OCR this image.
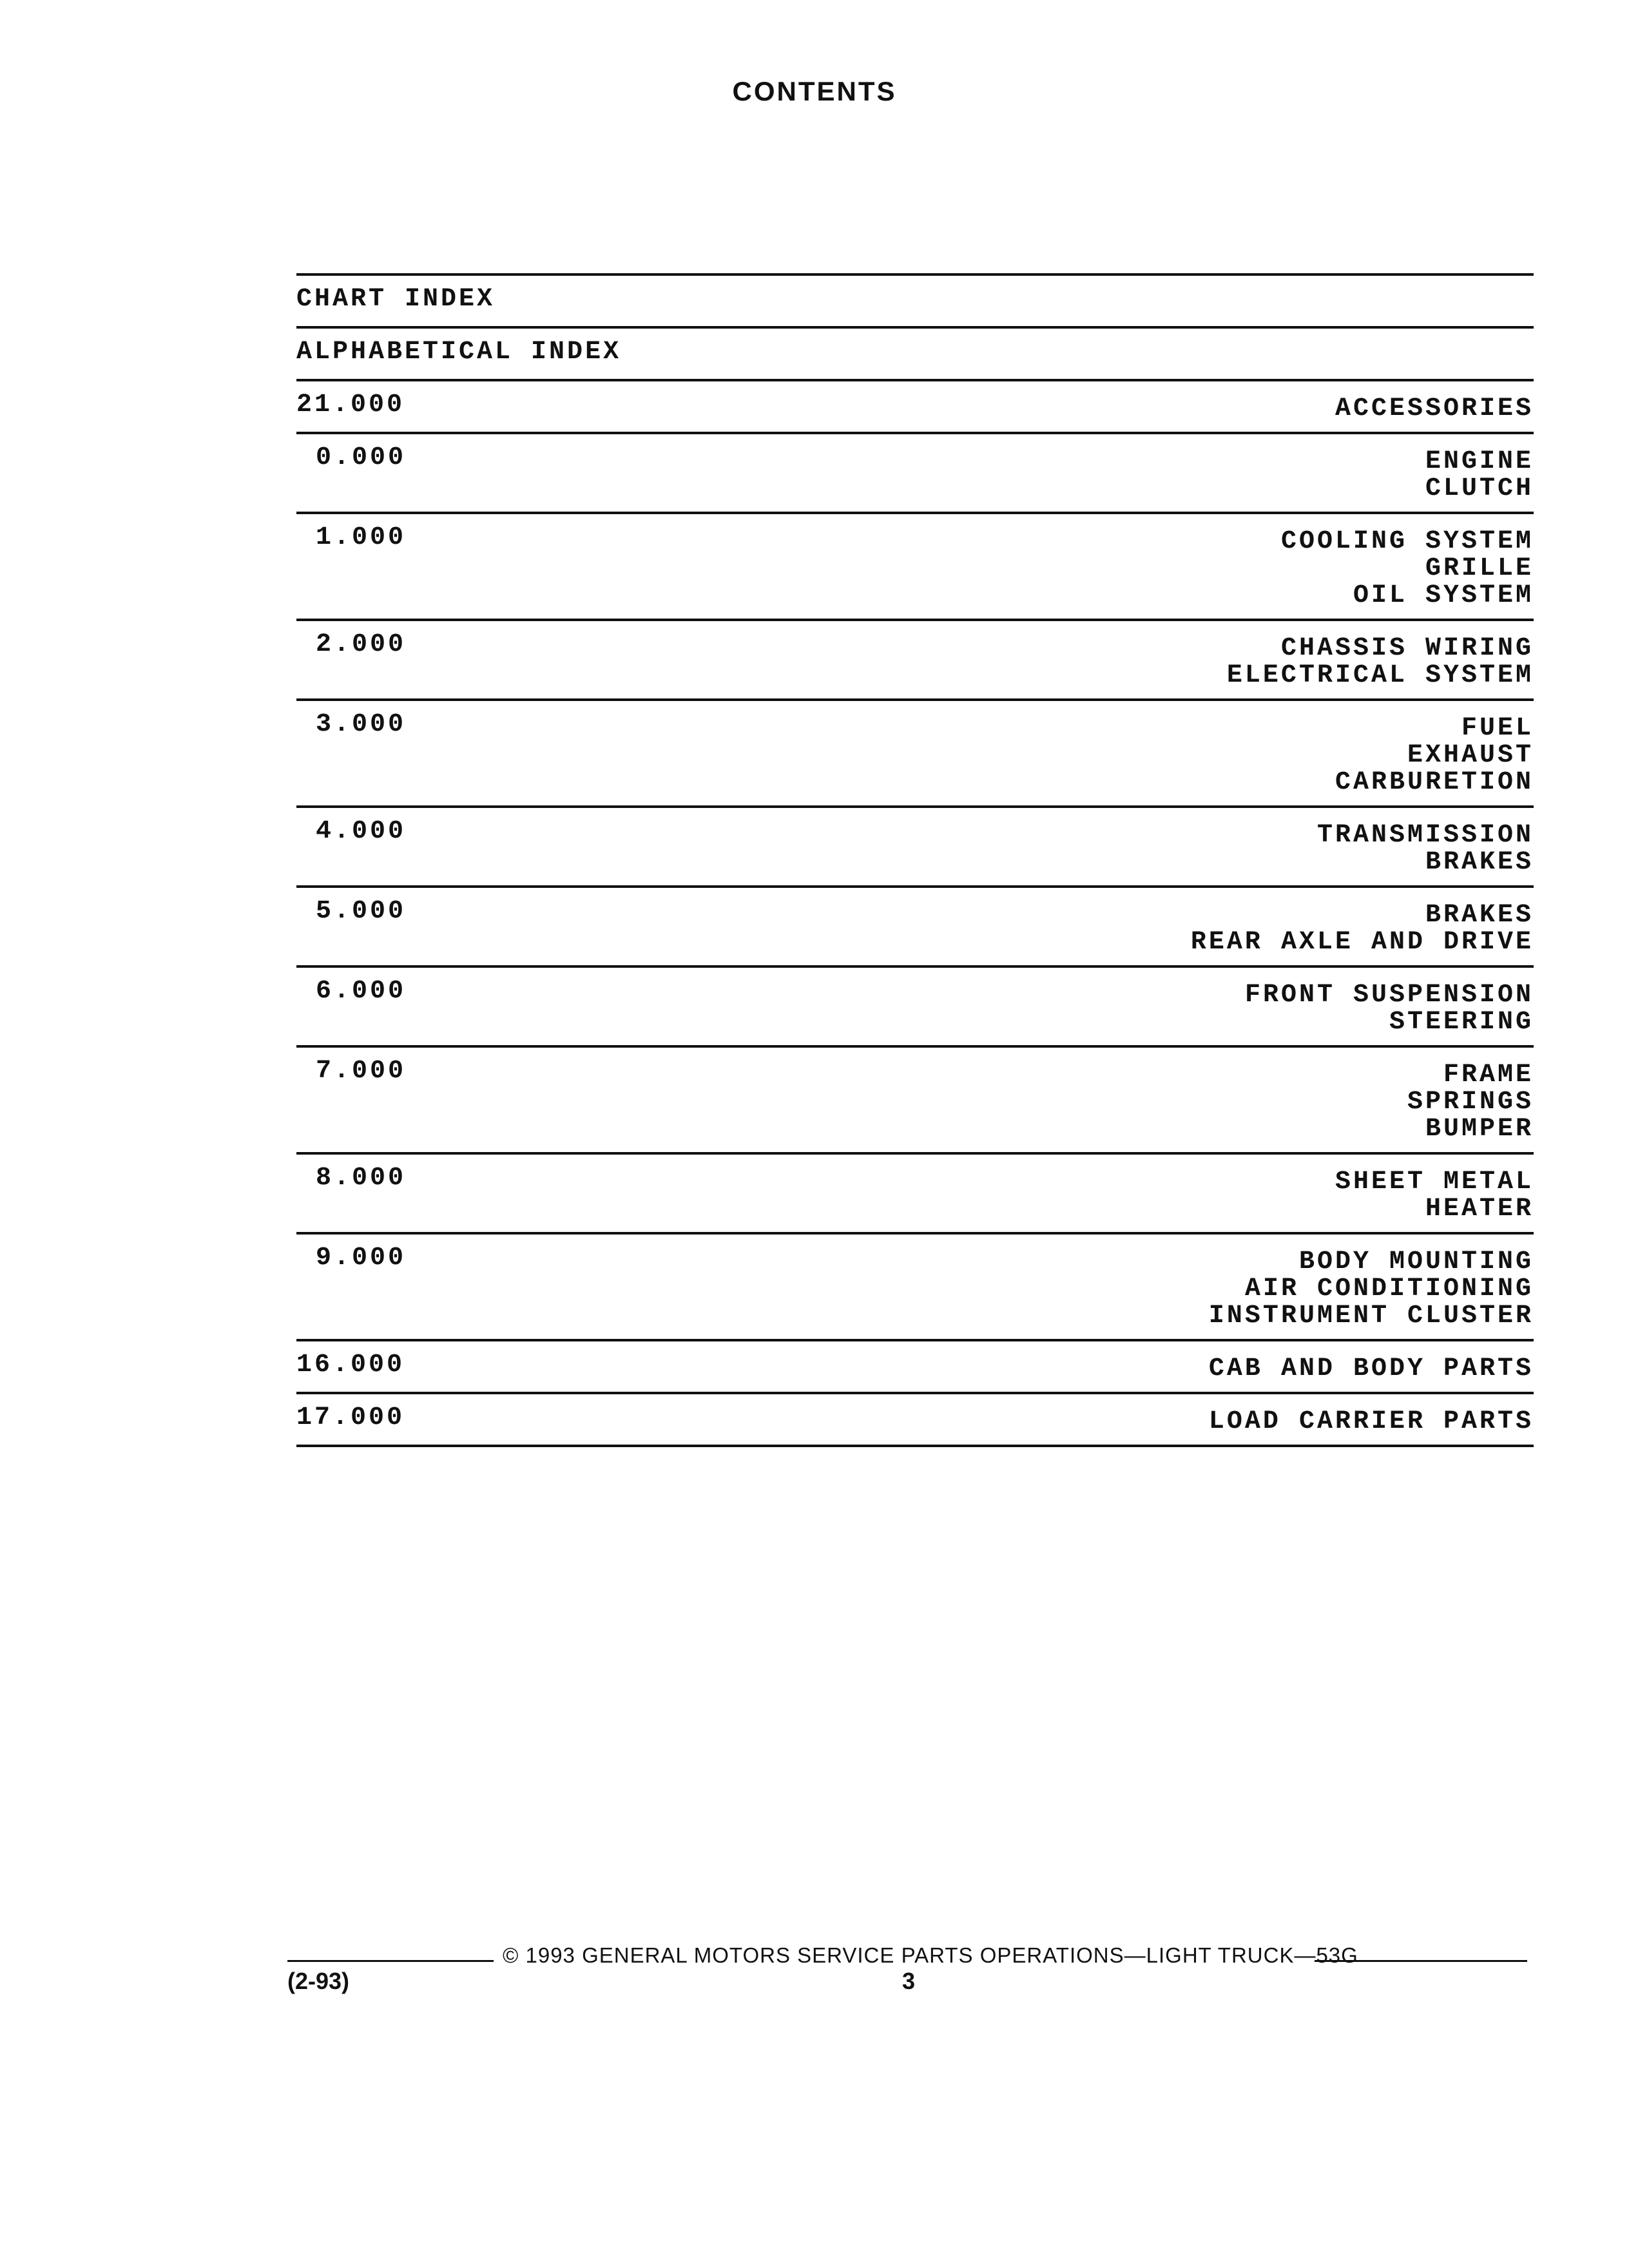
CONTENTS
CHART INDEX
ALPHABETICAL INDEX
21.000	ACCESSORIES
0.000	ENGINE
CLUTCH
1.000	COOLING SYSTEM
GRILLE
OIL SYSTEM
2.000	CHASSIS WIRING
ELECTRICAL SYSTEM
3.000	FUEL
EXHAUST
CARBURETION
4.000	TRANSMISSION
BRAKES
5.000	BRAKES
REAR AXLE AND DRIVE
6.000	FRONT SUSPENSION
STEERING
7.000	FRAME
SPRINGS
BUMPER
8.000	SHEET METAL
HEATER
9.000	BODY MOUNTING
AIR CONDITIONING
INSTRUMENT CLUSTER
16.000	CAB AND BODY PARTS
17.000	LOAD CARRIER PARTS
© 1993 GENERAL MOTORS SERVICE PARTS OPERATIONS—LIGHT TRUCK—53G
(2-93)	3
